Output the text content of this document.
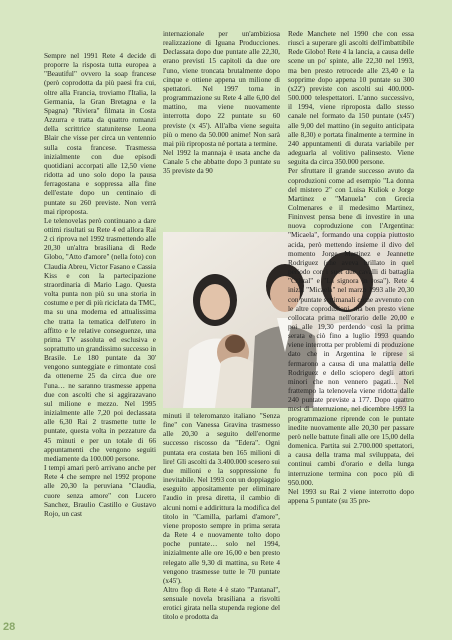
Sempre nel 1991 Rete 4 decide di proporre la risposta tutta europea a "Beautiful" ovvero la soap francese (però coprodotta da più paesi fra cui, oltre alla Francia, troviamo l'Italia, la Germania, la Gran Bretagna e la Spagna) "Riviera" filmata in Costa Azzurra e tratta da quattro romanzi della scrittrice statunitense Leona Blair che visse per circa un ventennio sulla costa francese. Trasmessa inizialmente con due episodi quotidiani accorpati alle 12,50 viene ridotta ad uno solo dopo la pausa ferragostana e soppressa alla fine dell'estate dopo un centinaio di puntate su 260 previste. Non verrà mai riproposta.

Le telenovelas però continuano a dare ottimi risultati su Rete 4 ed allora Rai 2 ci riprova nel 1992 trasmettendo alle 20,30 un'altra brasiliana di Rede Globo, "Atto d'amore" (nella foto) con Claudia Abreu, Victor Fasano e Cassia Kiss e con la partecipazione straordinaria di Mario Lago. Questa volta punta non più su una storia in costume e per di più riciclata da TMC, ma su una moderna ed attualissima che tratta la tematica dell'utero in affitto e le relative conseguenze, una prima TV assoluta ed esclusiva e soprattutto un grandissimo successo in Brasile. Le 180 puntate da 30' vengono sunteggiate e rimontate così da ottenerne 25 da circa due ore l'una… ne saranno trasmesse appena due con ascolti che si aggirazavano sul milione e mezzo. Nel 1995 inizialmente alle 7,20 poi declassata alle 6,30 Rai 2 trasmette tutte le puntate, questa volta in pezzature da 45 minuti e per un totale di 66 appuntamenti che vengono seguiti mediamente da 100.000 persone.

I tempi amari però arrivano anche per Rete 4 che sempre nel 1992 propone alle 20,30 la peruviana "Claudia, cuore senza amore" con Lucero Sanchez, Braulio Castillo e Gustavo Rojo, un cast

internazionale per un'ambiziosa realizzazione di Iguana Producciones. Declassata dopo due puntate alle 22,30, erano previsti 15 capitoli da due ore l'uno, viene troncata brutalmente dopo cinque e ottiene appena un milione di spettatori. Nel 1997 torna in programmazione su Rete 4 alle 6,00 del mattino, ma viene nuovamente interrotta dopo 22 puntate su 60 previste (x 45'). All'alba viene seguita più o meno da 50.000 anime! Non sarà mai più riproposta né portata a termine.

Nel 1992 la mannaja è usata anche da Canale 5 che abbatte dopo 3 puntate su 35 previste da 90

minuti il teleromanzo italiano "Senza fine" con Vanessa Gravina trasmesso alle 20,30 a seguito dell'enorme successo riscosso da "Edera". Ogni puntata era costata ben 165 milioni di lire! Gli ascolti da 3.400.000 scesero sui due milioni e la soppressione fu inevitabile. Nel 1993 con un doppiaggio eseguito appositamente per eliminare l'audio in presa diretta, il cambio di alcuni nomi e addirittura la modifica del titolo in "Camilla, parlami d'amore", viene proposto sempre in prima serata da Rete 4 e nuovamente tolto dopo poche puntate… solo nel 1994, inizialmente alle ore 16,00 e ben presto relegato alle 9,30 di mattina, su Rete 4 vengono trasmesse tutte le 70 puntate (x45').

Altro flop di Rete 4 è stato "Pantanal", sensuale novela brasiliana a risvolti erotici girata nella stupenda regione del titolo e prodotta da

Rede Manchete nel 1990 che con essa riuscì a superare gli ascolti dell'imbattibile Rede Globo! Rete 4 la lancia, a causa delle scene un po' spinte, alle 22,30 nel 1993, ma ben presto retrocede alle 23,40 e la sopprime dopo appena 10 puntate su 300 (x22') previste con ascolti sui 400.000-500.000 telespettatori. L'anno successivo, il 1994, viene riproposta dallo stesso canale nel formato da 150 puntate (x45') alle 9,00 del mattino (in seguito anticipata alle 8,30) e portata finalmente a termine in 240 appuntamenti di durata variabile per adeguarla al volitivo palinsesto. Viene seguita da circa 350.000 persone.

Per sfruttare il grande successo avuto da coproduzioni come ad esempio "La donna del mistero 2" con Luisa Kuliok e Jorge Martinez e "Manuela" con Grecia Colmenares e il medesimo Martinez, Fininvest pensa bene di investire in una nuova coproduzione con l'Argentina: "Micaela", formando una coppia piuttosto acida, però mettendo insieme il divo del momento Jorge Martinez e Jeannette Rodriguez (che aveva brillato in quel periodo con i suoi due cavalli di battaglia "Cristal" e "La signora in rosa"). Rete 4 inizia "Micaela" nel marzo 1993 alle 20,30 con puntate settimanali come avvenuto con le altre coproduzioni, ma ben presto viene collocata prima nell'orario delle 20,00 e poi alle 19,30 perdendo così la prima serata e ciò fino a luglio 1993 quando viene interrotta per problemi di produzione dato che in Argentina le riprese si fermarono a causa di una malattia delle Rodriguez e dello sciopero degli attori minori che non vennero pagati… Nel frattempo la telenovela viene ridotta dalle 240 puntate previste a 177. Dopo quattro mesi di interruzione, nel dicembre 1993 la programmazione riprende con le puntate inedite nuovamente alle 20,30 per passare però nelle battute finali alle ore 15,00 della domenica. Partita sui 2.700.000 spettatori, a causa della trama mal sviluppata, dei continui cambi d'orario e della lunga interruzione termina con poco più di 950.000.

Nel 1993 su Rai 2 viene interrotto dopo appena 5 puntate (su 35 pre-

28
